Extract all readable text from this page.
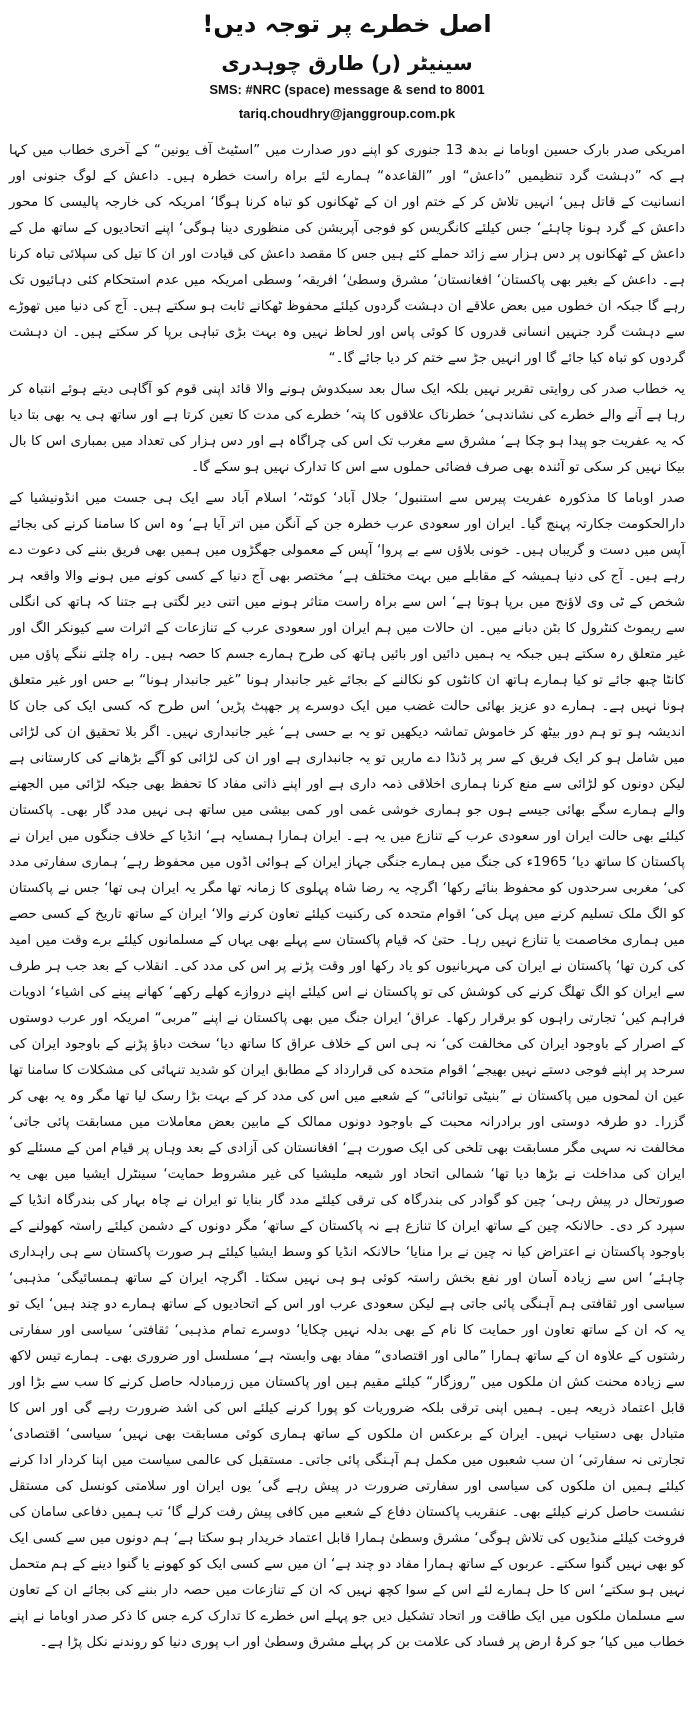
اصل خطرے پر توجہ دیں!
سینیٹر (ر) طارق چوہدری
SMS: #NRC (space) message & send to 8001
tariq.choudhry@janggroup.com.pk

امریکی صدر بارک حسین اوباما نے بدھ 13 جنوری کو اپنے دور صدارت میں ”اسٹیٹ آف یونین“ کے آخری خطاب میں کہا ہے کہ ”دہشت گرد تنظیمیں ”داعش“ اور ”القاعدہ“ ہمارے لئے براہ راست خطرہ ہیں۔ داعش کے لوگ جنونی اور انسانیت کے قاتل ہیں‘ انہیں تلاش کر کے ختم اور ان کے ٹھکانوں کو تباہ کرنا ہوگا‘ امریکہ کی خارجہ پالیسی کا محور داعش کے گرد ہونا چاہئے‘ جس کیلئے کانگریس کو فوجی آپریشن کی منظوری دینا ہوگی‘ اپنے اتحادیوں کے ساتھ مل کے داعش کے ٹھکانوں پر دس ہزار سے زائد حملے کئے ہیں جس کا مقصد داعش کی قیادت اور ان کا تیل کی سپلائی تباہ کرنا ہے۔ داعش کے بغیر بھی پاکستان‘ افغانستان‘ مشرق وسطیٰ‘ افریقہ‘ وسطی امریکہ میں عدم استحکام کئی دہائیوں تک رہے گا جبکہ ان خطوں میں بعض علاقے ان دہشت گردوں کیلئے محفوظ ٹھکانے ثابت ہو سکتے ہیں۔ آج کی دنیا میں تھوڑے سے دہشت گرد جنہیں انسانی قدروں کا کوئی پاس اور لحاظ نہیں وہ بہت بڑی تباہی برپا کر سکتے ہیں۔ ان دہشت گردوں کو تباہ کیا جائے گا اور انہیں جڑ سے ختم کر دیا جائے گا۔“

یہ خطاب صدر کی روایتی تقریر نہیں بلکہ ایک سال بعد سبکدوش ہونے والا قائد اپنی قوم کو آگاہی دیتے ہوئے انتباہ کر رہا ہے آنے والے خطرے کی نشاندہی‘ خطرناک علاقوں کا پتہ‘ خطرے کی مدت کا تعین کرتا ہے اور ساتھ ہی یہ بھی بتا دیا کہ یہ عفریت جو پیدا ہو چکا ہے‘ مشرق سے مغرب تک اس کی چراگاہ ہے اور دس ہزار کی تعداد میں بمباری اس کا بال بیکا نہیں کر سکی تو آئندہ بھی صرف فضائی حملوں سے اس کا تدارک نہیں ہو سکے گا۔

صدر اوباما کا مذکورہ عفریت پیرس سے استنبول‘ جلال آباد‘ کوئٹہ‘ اسلام آباد سے ایک ہی جست میں انڈونیشیا کے دارالحکومت جکارتہ پہنچ گیا۔ ایران اور سعودی عرب خطرہ جن کے آنگن میں اتر آیا ہے‘ وہ اس کا سامنا کرنے کی بجائے آپس میں دست و گریباں ہیں۔ خونی بلاؤں سے بے پروا‘ آپس کے معمولی جھگڑوں میں ہمیں بھی فریق بننے کی دعوت دے رہے ہیں۔ آج کی دنیا ہمیشہ کے مقابلے میں بہت مختلف ہے‘ مختصر بھی آج دنیا کے کسی کونے میں ہونے والا واقعہ ہر شخص کے ٹی وی لاؤنج میں برپا ہوتا ہے‘ اس سے براہ راست متاثر ہونے میں اتنی دیر لگتی ہے جتنا کہ ہاتھ کی انگلی سے ریموٹ کنٹرول کا بٹن دبانے میں۔ ان حالات میں ہم ایران اور سعودی عرب کے تنازعات کے اثرات سے کیونکر الگ اور غیر متعلق رہ سکتے ہیں جبکہ یہ ہمیں دائیں اور بائیں ہاتھ کی طرح ہمارے جسم کا حصہ ہیں۔ راہ چلتے ننگے پاؤں میں کانٹا چبھ جائے تو کیا ہمارے ہاتھ ان کانٹوں کو نکالنے کے بجائے غیر جانبدار ہونا ”غیر جانبدار ہونا“ بے حس اور غیر متعلق ہونا نہیں ہے۔ ہمارے دو عزیز بھائی حالت غضب میں ایک دوسرے پر جھپٹ پڑیں‘ اس طرح کہ کسی ایک کی جان کا اندیشہ ہو تو ہم دور بیٹھ کر خاموش تماشہ دیکھیں تو یہ بے حسی ہے‘ غیر جانبداری نہیں۔ اگر بلا تحقیق ان کی لڑائی میں شامل ہو کر ایک فریق کے سر پر ڈنڈا دے ماریں تو یہ جانبداری ہے اور ان کی لڑائی کو آگے بڑھانے کی کارستانی ہے لیکن دونوں کو لڑائی سے منع کرنا ہماری اخلاقی ذمہ داری ہے اور اپنے ذاتی مفاد کا تحفظ بھی جبکہ لڑائی میں الجھنے والے ہمارے سگے بھائی جیسے ہوں جو ہماری خوشی غمی اور کمی بیشی میں ساتھ ہی نہیں مدد گار بھی۔ پاکستان کیلئے بھی حالت ایران اور سعودی عرب کے تنازع میں یہ ہے۔ ایران ہمارا ہمسایہ ہے‘ انڈیا کے خلاف جنگوں میں ایران نے پاکستان کا ساتھ دیا‘ 1965ء کی جنگ میں ہمارے جنگی جہاز ایران کے ہوائی اڈوں میں محفوظ رہے‘ ہماری سفارتی مدد کی‘ مغربی سرحدوں کو محفوظ بنائے رکھا‘ اگرچہ یہ رضا شاہ پہلوی کا زمانہ تھا مگر یہ ایران ہی تھا‘ جس نے پاکستان کو الگ ملک تسلیم کرنے میں پہل کی‘ اقوام متحدہ کی رکنیت کیلئے تعاون کرنے والا‘ ایران کے ساتھ تاریخ کے کسی حصے میں ہماری مخاصمت یا تنازع نہیں رہا۔ حتیٰ کہ قیام پاکستان سے پہلے بھی یہاں کے مسلمانوں کیلئے برے وقت میں امید کی کرن تھا‘ پاکستان نے ایران کی مہربانیوں کو یاد رکھا اور وقت پڑنے پر اس کی مدد کی۔ انقلاب کے بعد جب ہر طرف سے ایران کو الگ تھلگ کرنے کی کوشش کی تو پاکستان نے اس کیلئے اپنے دروازے کھلے رکھے‘ کھانے پینے کی اشیاء‘ ادویات فراہم کیں‘ تجارتی راہوں کو برقرار رکھا۔ عراق‘ ایران جنگ میں بھی پاکستان نے اپنے ”مربی“ امریکہ اور عرب دوستوں کے اصرار کے باوجود ایران کی مخالفت کی‘ نہ ہی اس کے خلاف عراق کا ساتھ دیا‘ سخت دباؤ پڑنے کے باوجود ایران کی سرحد پر اپنے فوجی دستے نہیں بھیجے‘ اقوام متحدہ کی قرارداد کے مطابق ایران کو شدید تنہائی کی مشکلات کا سامنا تھا عین ان لمحوں میں پاکستان نے ”بنیٹی توانائی“ کے شعبے میں اس کی مدد کر کے بہت بڑا رسک لیا تھا مگر وہ یہ بھی کر گزرا۔ دو طرفہ دوستی اور برادرانہ محبت کے باوجود دونوں ممالک کے مابین بعض معاملات میں مسابقت پائی جاتی‘ مخالفت نہ سہی مگر مسابقت بھی تلخی کی ایک صورت ہے‘ افغانستان کی آزادی کے بعد وہاں پر قیام امن کے مسئلے کو ایران کی مداخلت نے بڑھا دیا تھا‘ شمالی اتحاد اور شیعہ ملیشیا کی غیر مشروط حمایت‘ سینٹرل ایشیا میں بھی یہ صورتحال در پیش رہی‘ چین کو گوادر کی بندرگاہ کی ترقی کیلئے مدد گار بنایا تو ایران نے چاہ بہار کی بندرگاہ انڈیا کے سپرد کر دی۔ حالانکہ چین کے ساتھ ایران کا تنازع ہے نہ پاکستان کے ساتھ‘ مگر دونوں کے دشمن کیلئے راستہ کھولنے کے باوجود پاکستان نے اعتراض کیا نہ چین نے برا منایا‘ حالانکہ انڈیا کو وسط ایشیا کیلئے ہر صورت پاکستان سے ہی راہداری چاہئے‘ اس سے زیادہ آسان اور نفع بخش راستہ کوئی ہو ہی نہیں سکتا۔ اگرچہ ایران کے ساتھ ہمسائیگی‘ مذہبی‘ سیاسی اور ثقافتی ہم آہنگی پائی جاتی ہے لیکن سعودی عرب اور اس کے اتحادیوں کے ساتھ ہمارے دو چند ہیں‘ ایک تو یہ کہ ان کے ساتھ تعاون اور حمایت کا نام کے بھی بدلہ نہیں چکایا‘ دوسرے تمام مذہبی‘ ثقافتی‘ سیاسی اور سفارتی رشتوں کے علاوہ ان کے ساتھ ہمارا ”مالی اور اقتصادی“ مفاد بھی وابستہ ہے‘ مسلسل اور ضروری بھی۔ ہمارے تیس لاکھ سے زیادہ محنت کش ان ملکوں میں ”روزگار“ کیلئے مقیم ہیں اور پاکستان میں زرمبادلہ حاصل کرنے کا سب سے بڑا اور قابل اعتماد ذریعہ ہیں۔ ہمیں اپنی ترقی بلکہ ضروریات کو پورا کرنے کیلئے اس کی اشد ضرورت رہے گی اور اس کا متبادل بھی دستیاب نہیں۔ ایران کے برعکس ان ملکوں کے ساتھ ہماری کوئی مسابقت بھی نہیں‘ سیاسی‘ اقتصادی‘ تجارتی نہ سفارتی‘ ان سب شعبوں میں مکمل ہم آہنگی پائی جاتی۔ مستقبل کی عالمی سیاست میں اپنا کردار ادا کرنے کیلئے ہمیں ان ملکوں کی سیاسی اور سفارتی ضرورت در پیش رہے گی‘ یوں ایران اور سلامتی کونسل کی مستقل نشست حاصل کرنے کیلئے بھی۔ عنقریب پاکستان دفاع کے شعبے میں کافی پیش رفت کرلے گا‘ تب ہمیں دفاعی سامان کی فروخت کیلئے منڈیوں کی تلاش ہوگی‘ مشرق وسطیٰ ہمارا قابل اعتماد خریدار ہو سکتا ہے‘ ہم دونوں میں سے کسی ایک کو بھی نہیں گنوا سکتے۔ عربوں کے ساتھ ہمارا مفاد دو چند ہے‘ ان میں سے کسی ایک کو کھونے یا گنوا دینے کے ہم متحمل نہیں ہو سکتے‘ اس کا حل ہمارے لئے اس کے سوا کچھ نہیں کہ ان کے تنازعات میں حصہ دار بننے کی بجائے ان کے تعاون سے مسلمان ملکوں میں ایک طاقت ور اتحاد تشکیل دیں جو پہلے اس خطرے کا تدارک کرے جس کا ذکر صدر اوباما نے اپنے خطاب میں کیا‘ جو کرۂ ارض پر فساد کی علامت بن کر پہلے مشرق وسطیٰ اور اب پوری دنیا کو روندنے نکل پڑا ہے۔
